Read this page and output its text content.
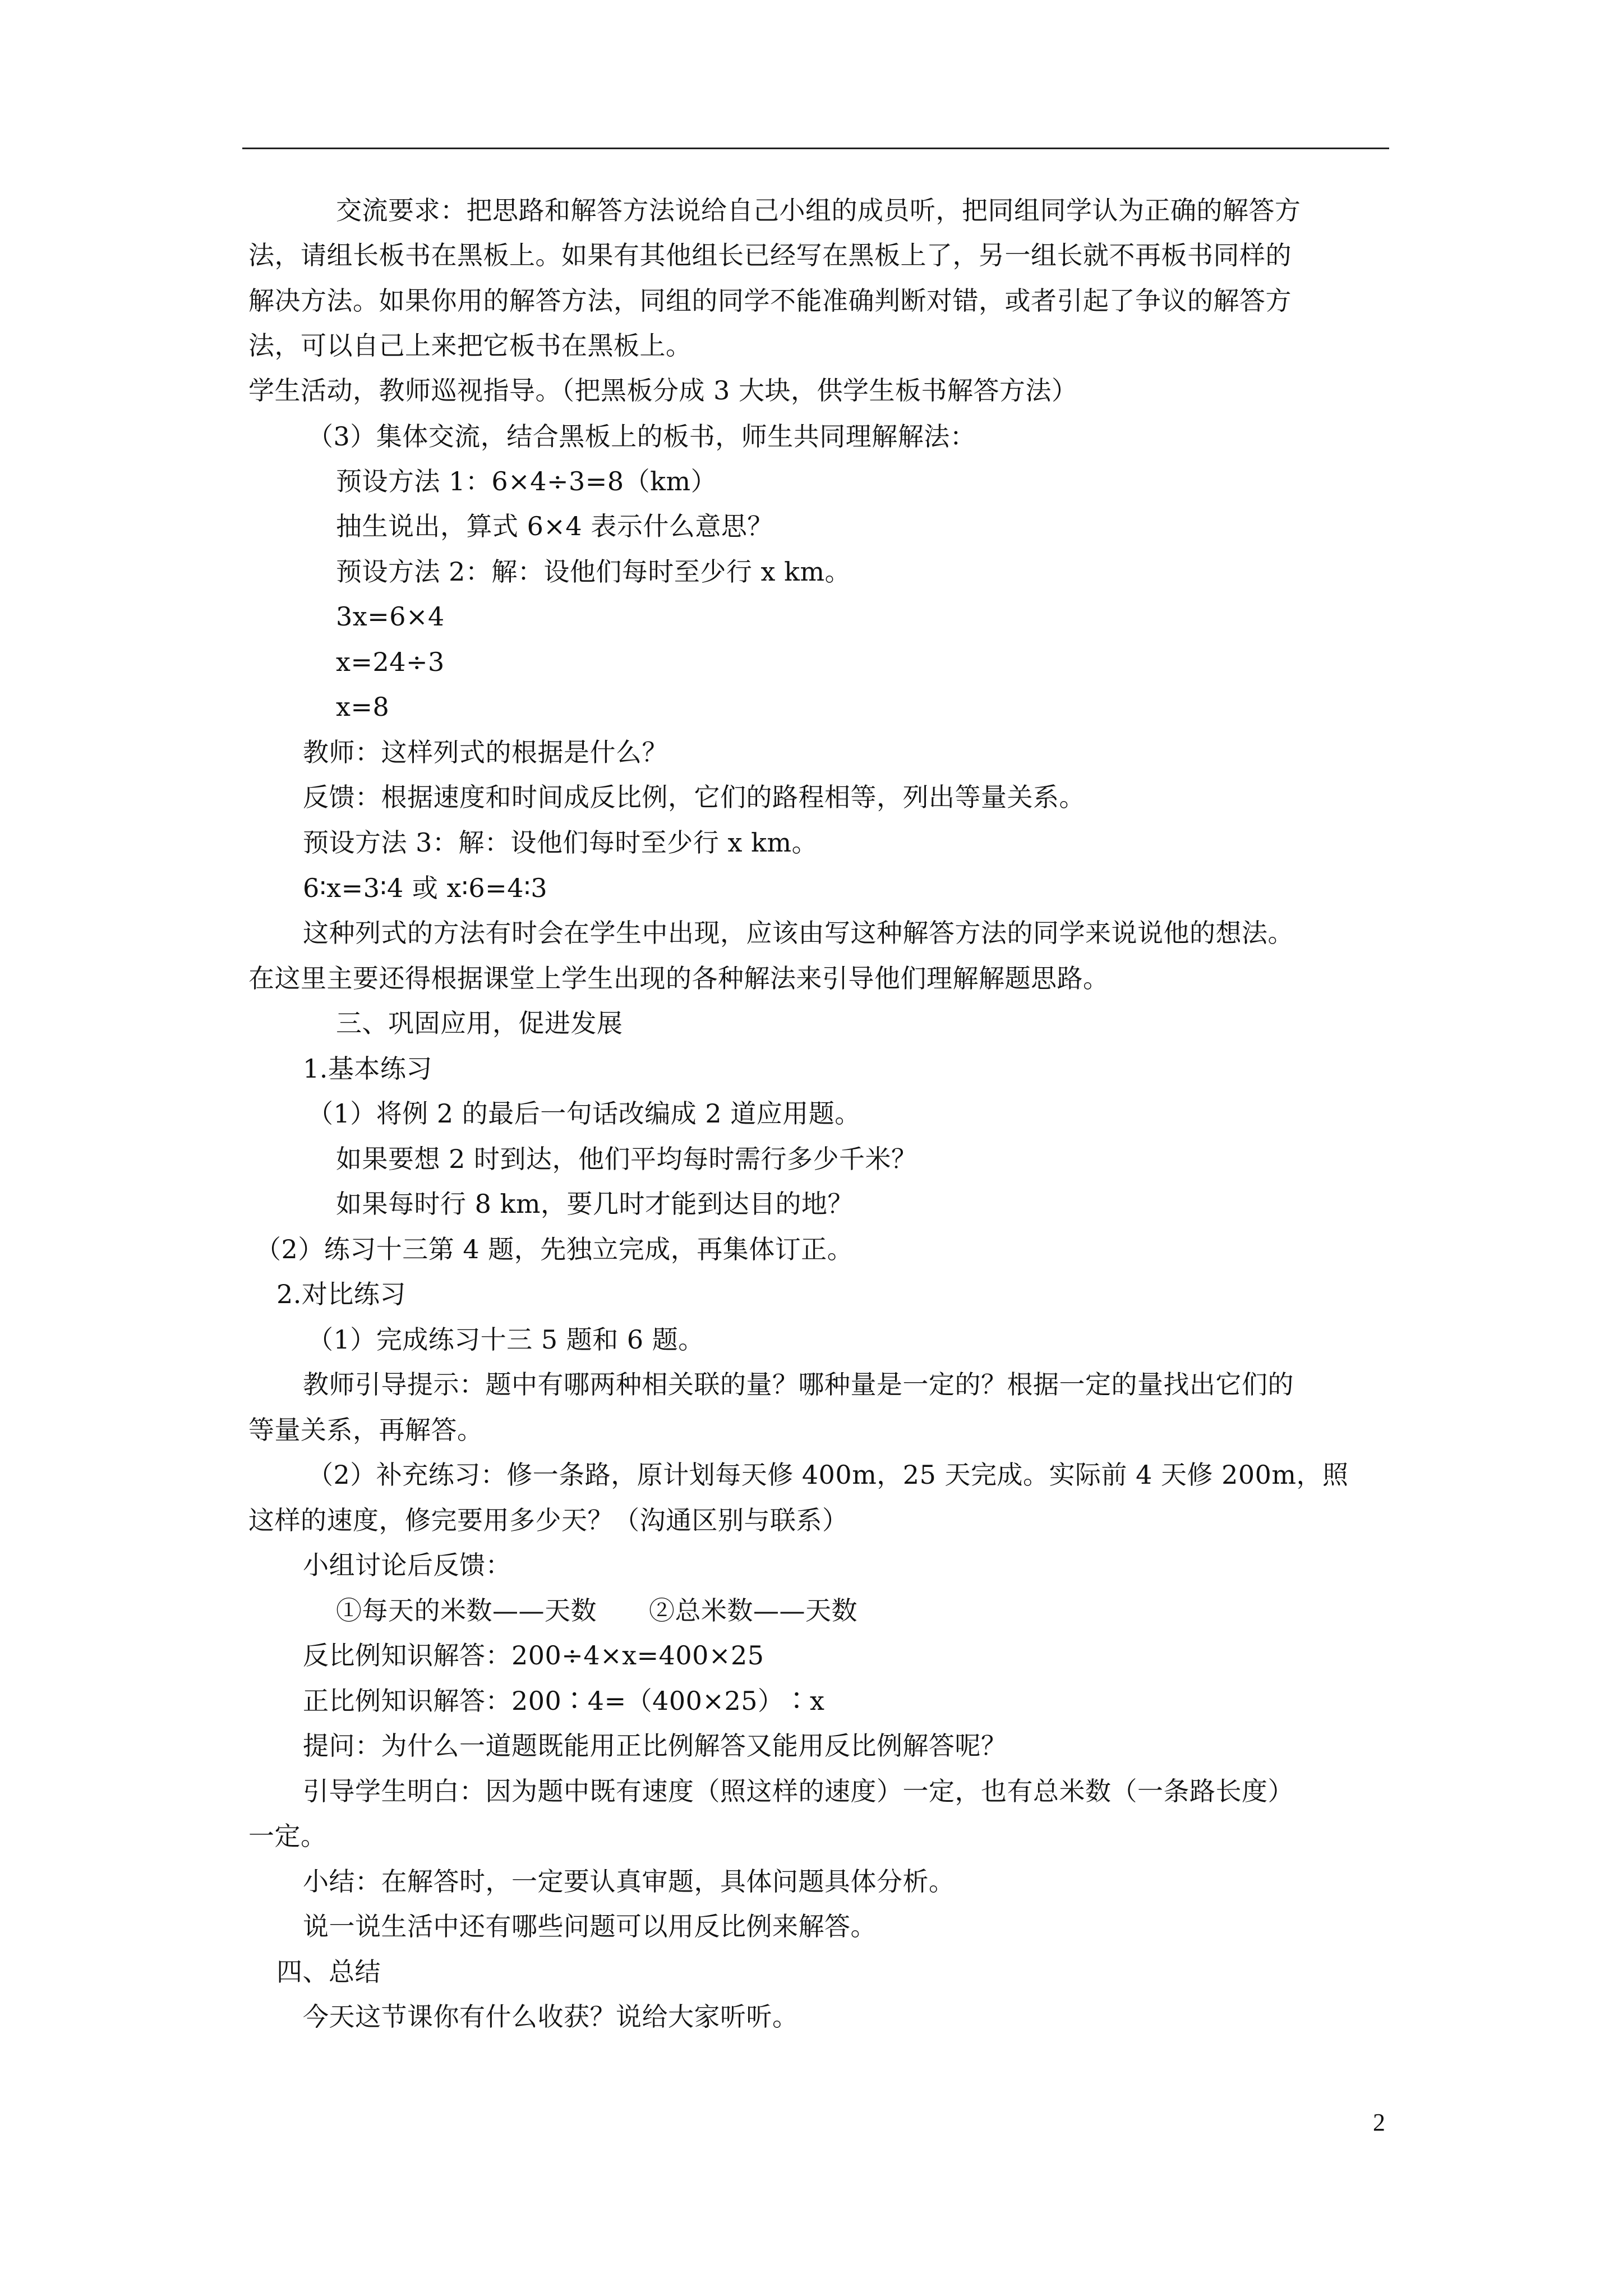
交流要求：把思路和解答方法说给自己小组的成员听，把同组同学认为正确的解答方
法，请组长板书在黑板上。如果有其他组长已经写在黑板上了，另一组长就不再板书同样的
解决方法。如果你用的解答方法，同组的同学不能准确判断对错，或者引起了争议的解答方
法，可以自己上来把它板书在黑板上。
学生活动，教师巡视指导。（把黑板分成 3 大块，供学生板书解答方法）
（3）集体交流，结合黑板上的板书，师生共同理解解法：
预设方法 1：6×4÷3=8（km）
抽生说出，算式 6×4 表示什么意思？
预设方法 2：解：设他们每时至少行 x km。
3x=6×4
x=24÷3
x=8
教师：这样列式的根据是什么？
反馈：根据速度和时间成反比例，它们的路程相等，列出等量关系。
预设方法 3：解：设他们每时至少行 x km。
6∶x=3∶4 或 x∶6=4∶3
这种列式的方法有时会在学生中出现，应该由写这种解答方法的同学来说说他的想法。
在这里主要还得根据课堂上学生出现的各种解法来引导他们理解解题思路。
三、巩固应用，促进发展
1.基本练习
（1）将例 2 的最后一句话改编成 2 道应用题。
如果要想 2 时到达，他们平均每时需行多少千米？
如果每时行 8 km，要几时才能到达目的地？
（2）练习十三第 4 题，先独立完成，再集体订正。
2.对比练习
（1）完成练习十三 5 题和 6 题。
教师引导提示：题中有哪两种相关联的量？哪种量是一定的？根据一定的量找出它们的
等量关系，再解答。
（2）补充练习：修一条路，原计划每天修 400m，25 天完成。实际前 4 天修 200m，照
这样的速度，修完要用多少天？（沟通区别与联系）
小组讨论后反馈：
①每天的米数——天数　　②总米数——天数
反比例知识解答：200÷4×x=400×25
正比例知识解答：200∶4=（400×25）∶x
提问：为什么一道题既能用正比例解答又能用反比例解答呢？
引导学生明白：因为题中既有速度（照这样的速度）一定，也有总米数（一条路长度）
一定。
小结：在解答时，一定要认真审题，具体问题具体分析。
说一说生活中还有哪些问题可以用反比例来解答。
四、总结
今天这节课你有什么收获？说给大家听听。
2
